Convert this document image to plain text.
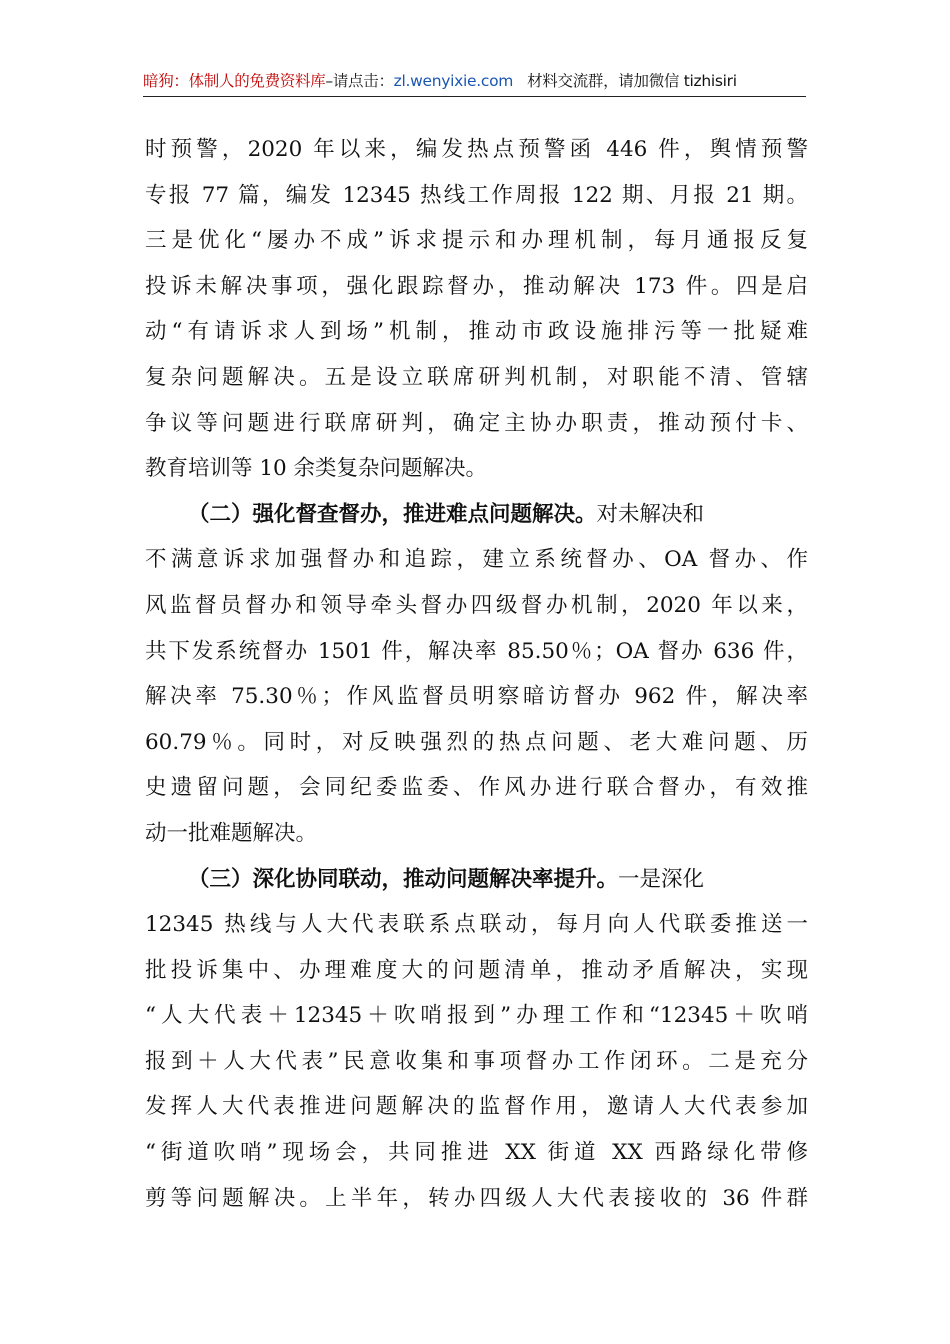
暗狗：体制人的免费资料库–请点击：zl.wenyixie.com 材料交流群，请加微信 tizhisiri
时预警，2020 年以来，编发热点预警函 446 件，舆情预警
专报 77 篇，编发 12345 热线工作周报 122 期、月报 21 期。
三是优化“屡办不成”诉求提示和办理机制，每月通报反复
投诉未解决事项，强化跟踪督办，推动解决 173 件。四是启
动“有请诉求人到场”机制，推动市政设施排污等一批疑难
复杂问题解决。五是设立联席研判机制，对职能不清、管辖
争议等问题进行联席研判，确定主协办职责，推动预付卡、
教育培训等 10 余类复杂问题解决。
（二）强化督查督办，推进难点问题解决。对未解决和
不满意诉求加强督办和追踪，建立系统督办、OA 督办、作
风监督员督办和领导牵头督办四级督办机制，2020 年以来，
共下发系统督办 1501 件，解决率 85.50％；OA 督办 636 件，
解决率 75.30％；作风监督员明察暗访督办 962 件，解决率
60.79％。同时，对反映强烈的热点问题、老大难问题、历
史遗留问题，会同纪委监委、作风办进行联合督办，有效推
动一批难题解决。
（三）深化协同联动，推动问题解决率提升。一是深化
12345 热线与人大代表联系点联动，每月向人代联委推送一
批投诉集中、办理难度大的问题清单，推动矛盾解决，实现
“人大代表＋12345＋吹哨报到”办理工作和“12345＋吹哨
报到＋人大代表”民意收集和事项督办工作闭环。二是充分
发挥人大代表推进问题解决的监督作用，邀请人大代表参加
“街道吹哨”现场会，共同推进 XX 街道 XX 西路绿化带修
剪等问题解决。上半年，转办四级人大代表接收的 36 件群
